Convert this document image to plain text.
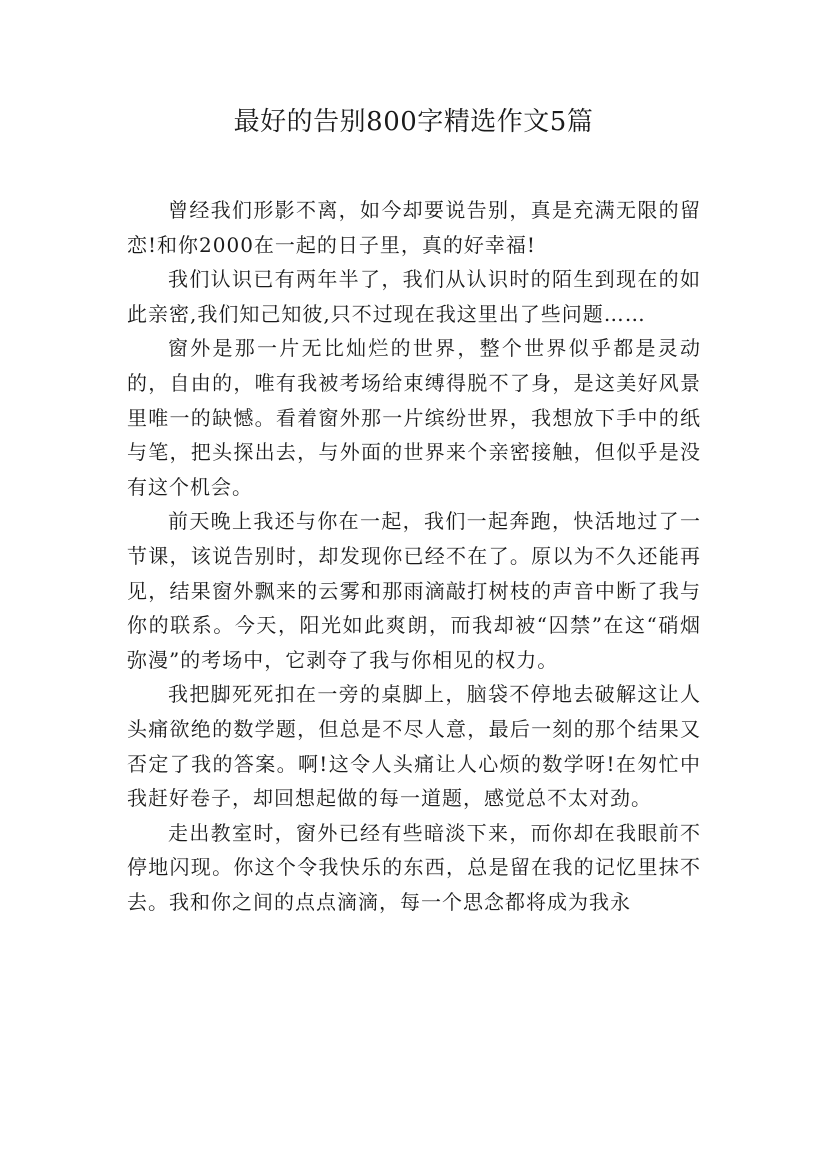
最好的告别800字精选作文5篇

曾经我们形影不离，如今却要说告别，真是充满无限的留恋!和你2000在一起的日子里，真的好幸福!

我们认识已有两年半了，我们从认识时的陌生到现在的如此亲密,我们知己知彼,只不过现在我这里出了些问题……

窗外是那一片无比灿烂的世界，整个世界似乎都是灵动的，自由的，唯有我被考场给束缚得脱不了身，是这美好风景里唯一的缺憾。看着窗外那一片缤纷世界，我想放下手中的纸与笔，把头探出去，与外面的世界来个亲密接触，但似乎是没有这个机会。

前天晚上我还与你在一起，我们一起奔跑，快活地过了一节课，该说告别时，却发现你已经不在了。原以为不久还能再见，结果窗外飘来的云雾和那雨滴敲打树枝的声音中断了我与你的联系。今天，阳光如此爽朗，而我却被“囚禁”在这“硝烟弥漫”的考场中，它剥夺了我与你相见的权力。

我把脚死死扣在一旁的桌脚上，脑袋不停地去破解这让人头痛欲绝的数学题，但总是不尽人意，最后一刻的那个结果又否定了我的答案。啊!这令人头痛让人心烦的数学呀!在匆忙中我赶好卷子，却回想起做的每一道题，感觉总不太对劲。

走出教室时，窗外已经有些暗淡下来，而你却在我眼前不停地闪现。你这个令我快乐的东西，总是留在我的记忆里抹不去。我和你之间的点点滴滴，每一个思念都将成为我永
